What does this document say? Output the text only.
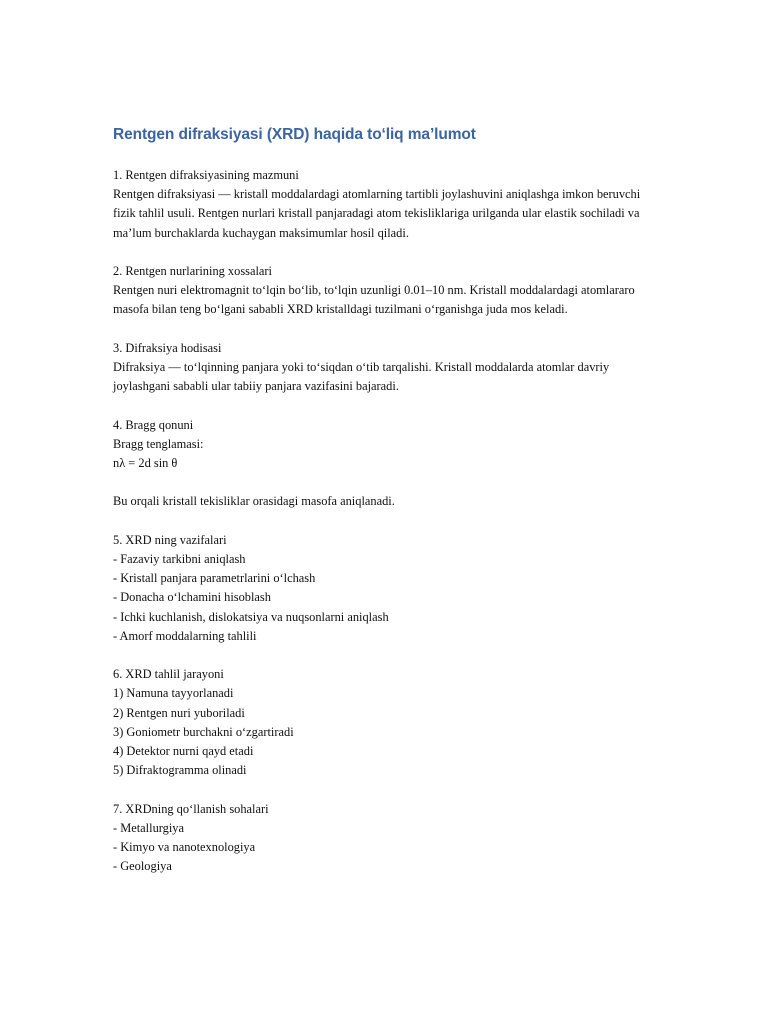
Rentgen difraksiyasi (XRD) haqida to‘liq ma’lumot
1. Rentgen difraksiyasining mazmuni

Rentgen difraksiyasi — kristall moddalardagi atomlarning tartibli joylashuvini aniqlashga imkon beruvchi fizik tahlil usuli. Rentgen nurlari kristall panjaradagi atom tekisliklariga urilganda ular elastik sochiladi va ma’lum burchaklarda kuchaygan maksimumlar hosil qiladi.

2. Rentgen nurlarining xossalari

Rentgen nuri elektromagnit to‘lqin bo‘lib, to‘lqin uzunligi 0.01–10 nm. Kristall moddalardagi atomlararo masofa bilan teng bo‘lgani sababli XRD kristalldagi tuzilmani o‘rganishga juda mos keladi.

3. Difraksiya hodisasi

Difraksiya — to‘lqinning panjara yoki to‘siqdan o‘tib tarqalishi. Kristall moddalarda atomlar davriy joylashgani sababli ular tabiiy panjara vazifasini bajaradi.

4. Bragg qonuni
Bragg tenglamasi:
nλ = 2d sin θ

Bu orqali kristall tekisliklar orasidagi masofa aniqlanadi.

5. XRD ning vazifalari
- Fazaviy tarkibni aniqlash
- Kristall panjara parametrlarini o‘lchash
- Donacha o‘lchamini hisoblash
- Ichki kuchlanish, dislokatsiya va nuqsonlarni aniqlash
- Amorf moddalarning tahlili
6. XRD tahlil jarayoni
1) Namuna tayyorlanadi
2) Rentgen nuri yuboriladi
3) Goniometr burchakni o‘zgartiradi
4) Detektor nurni qayd etadi
5) Difraktogramma olinadi
7. XRDning qo‘llanish sohalari
- Metallurgiya
- Kimyo va nanotexnologiya
- Geologiya
